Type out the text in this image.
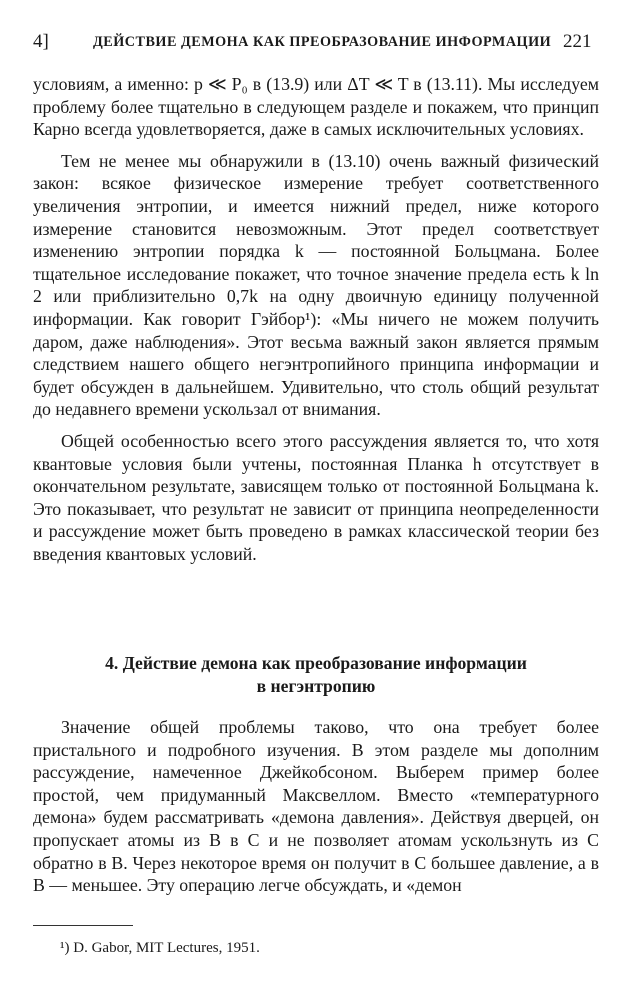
4]	ДЕЙСТВИЕ ДЕМОНА КАК ПРЕОБРАЗОВАНИЕ ИНФОРМАЦИИ 221

условиям, а именно: p ≪ P₀ в (13.9) или ΔT ≪ T в (13.11). Мы исследуем проблему более тщательно в следующем разделе и покажем, что принцип Карно всегда удовлетворяется, даже в самых исключительных условиях.

Тем не менее мы обнаружили в (13.10) очень важный физический закон: всякое физическое измерение требует соответственного увеличения энтропии, и имеется нижний предел, ниже которого измерение становится невозможным. Этот предел соответствует изменению энтропии порядка k — постоянной Больцмана. Более тщательное исследование покажет, что точное значение предела есть k ln 2 или приблизительно 0,7k на одну двоичную единицу полученной информации. Как говорит Гэйбор¹): «Мы ничего не можем получить даром, даже наблюдения». Этот весьма важный закон является прямым следствием нашего общего негэнтропийного принципа информации и будет обсужден в дальнейшем. Удивительно, что столь общий результат до недавнего времени ускользал от внимания.

Общей особенностью всего этого рассуждения является то, что хотя квантовые условия были учтены, постоянная Планка h отсутствует в окончательном результате, зависящем только от постоянной Больцмана k. Это показывает, что результат не зависит от принципа неопределенности и рассуждение может быть проведено в рамках классической теории без введения квантовых условий.

4. Действие демона как преобразование информации
в негэнтропию

Значение общей проблемы таково, что она требует более пристального и подробного изучения. В этом разделе мы дополним рассуждение, намеченное Джейкобсоном. Выберем пример более простой, чем придуманный Максвеллом. Вместо «температурного демона» будем рассматривать «демона давления». Действуя дверцей, он пропускает атомы из B в C и не позволяет атомам ускользнуть из C обратно в B. Через некоторое время он получит в C большее давление, а в B — меньшее. Эту операцию легче обсуждать, и «демон

¹) D. Gabor, MIT Lectures, 1951.
